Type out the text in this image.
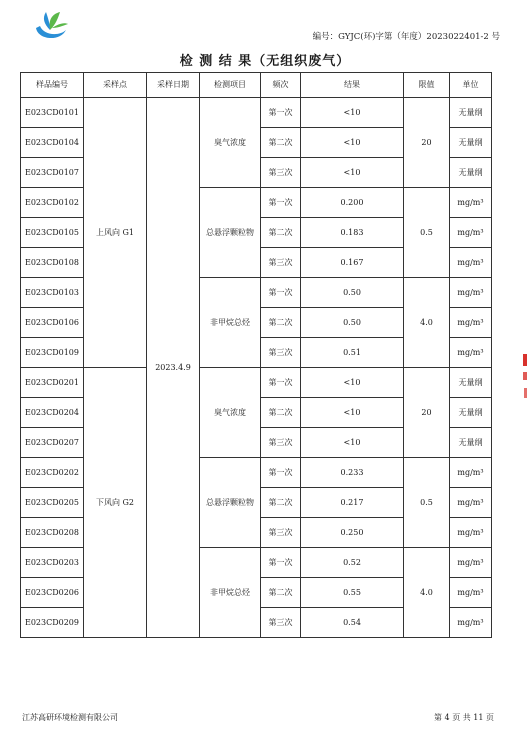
编号：GYJC(环)字第（年度）2023022401-2 号
检 测 结 果（无组织废气）
样品编号	采样点	采样日期	检测项目	频次	结果	限值	单位
E023CD0101	上风向 G1	2023.4.9	臭气浓度	第一次	<10	20	无量纲
E023CD0104				第二次	<10		无量纲
E023CD0107				第三次	<10		无量纲
E023CD0102			总悬浮颗粒物	第一次	0.200	0.5	mg/m³
E023CD0105				第二次	0.183		mg/m³
E023CD0108				第三次	0.167		mg/m³
E023CD0103			非甲烷总烃	第一次	0.50	4.0	mg/m³
E023CD0106				第二次	0.50		mg/m³
E023CD0109				第三次	0.51		mg/m³
E023CD0201	下风向 G2		臭气浓度	第一次	<10	20	无量纲
E023CD0204				第二次	<10		无量纲
E023CD0207				第三次	<10		无量纲
E023CD0202			总悬浮颗粒物	第一次	0.233	0.5	mg/m³
E023CD0205				第二次	0.217		mg/m³
E023CD0208				第三次	0.250		mg/m³
E023CD0203			非甲烷总烃	第一次	0.52	4.0	mg/m³
E023CD0206				第二次	0.55		mg/m³
E023CD0209				第三次	0.54		mg/m³
江苏高研环境检测有限公司	第 4 页 共 11 页
